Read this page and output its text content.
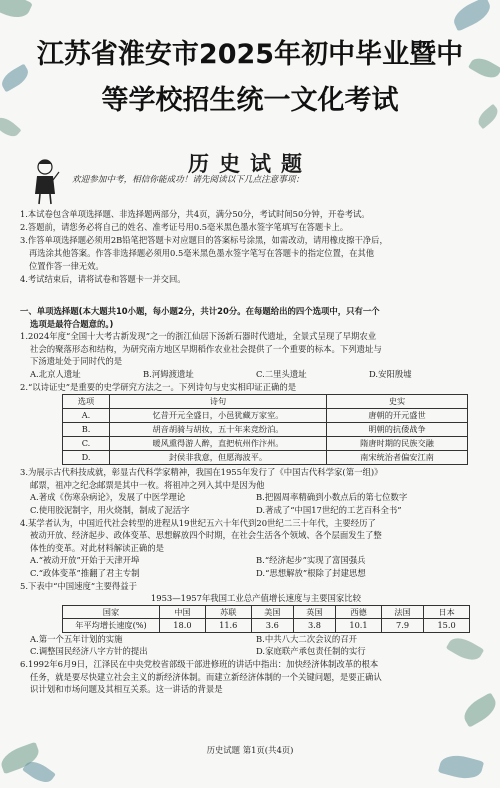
江苏省淮安市2025年初中毕业暨中
等学校招生统一文化考试
历史试题
欢迎参加中考，相信你能成功！请先阅读以下几点注意事项：

1.本试卷包含单项选择题、非选择题两部分，共4页，满分50分，考试时间50分钟，开卷考试。

2.答题前，请您务必将自己的姓名、准考证号用0.5毫米黑色墨水签字笔填写在答题卡上。

3.作答单项选择题必须用2B铅笔把答题卡对应题目的答案标号涂黑，如需改动，请用橡皮擦干净后，

再选涂其他答案。作答非选择题必须用0.5毫米黑色墨水签字笔写在答题卡的指定位置，在其他

位置作答一律无效。

4.考试结束后，请将试卷和答题卡一并交回。

一、单项选择题(本大题共10小题，每小题2分，共计20分。在每题给出的四个选项中，只有一个

选项是最符合题意的。)

1.2024年度“全国十大考古新发现”之一的浙江仙居下汤新石器时代遗址，全景式呈现了早期农业

社会的聚落形态和结构，为研究南方地区早期稻作农业社会提供了一个重要的标本。下列遗址与

下汤遗址处于同时代的是

A.北京人遗址	B.河姆渡遗址	C.二里头遗址	D.安阳殷墟

2.“以诗证史”是重要的史学研究方法之一。下列诗句与史实相印证正确的是

选项	诗句	史实
A.	忆昔开元全盛日，小邑犹藏万家室。	唐朝的开元盛世
B.	胡音胡骑与胡妆，五十年来竞纷泊。	明朝的抗倭战争
C.	暖风熏得游人醉，直把杭州作汴州。	隋唐时期的民族交融
D.	封侯非我意，但愿海波平。	南宋统治者偏安江南

3.为展示古代科技成就，彰显古代科学家精神，我国在1955年发行了《中国古代科学家(第一组)》

邮票，祖冲之纪念邮票是其中一枚。将祖冲之列入其中是因为他

A.著成《伤寒杂病论》，发展了中医学理论	B.把圆周率精确到小数点后的第七位数字
C.使用胶泥制字，用火烧制，制成了泥活字	D.著成了“中国17世纪的工艺百科全书”

4.某学者认为，中国近代社会转型的进程从19世纪五六十年代到20世纪二三十年代，主要经历了

被动开放、经济起步、政体变革、思想解放四个时期，在社会生活各个领域、各个层面发生了整

体性的变革。对此材料解读正确的是

A.“被动开放”开始于天津开埠	B.“经济起步”实现了富国强兵
C.“政体变革”推翻了君主专制	D.“思想解放”根除了封建思想

5.下表中“中国速度”主要得益于

1953—1957年我国工业总产值增长速度与主要国家比较

国家	中国	苏联	美国	英国	西德	法国	日本
年平均增长速度(%)	18.0	11.6	3.6	3.8	10.1	7.9	15.0
A.第一个五年计划的实施	B.中共八大二次会议的召开
C.调整国民经济八字方针的提出	D.家庭联产承包责任制的实行

6.1992年6月9日，江泽民在中央党校省部级干部进修班的讲话中指出：加快经济体制改革的根本

任务，就是要尽快建立社会主义的新经济体制。而建立新经济体制的一个关键问题，是要正确认

识计划和市场问题及其相互关系。这一讲话的背景是

历史试题 第1页(共4页)
